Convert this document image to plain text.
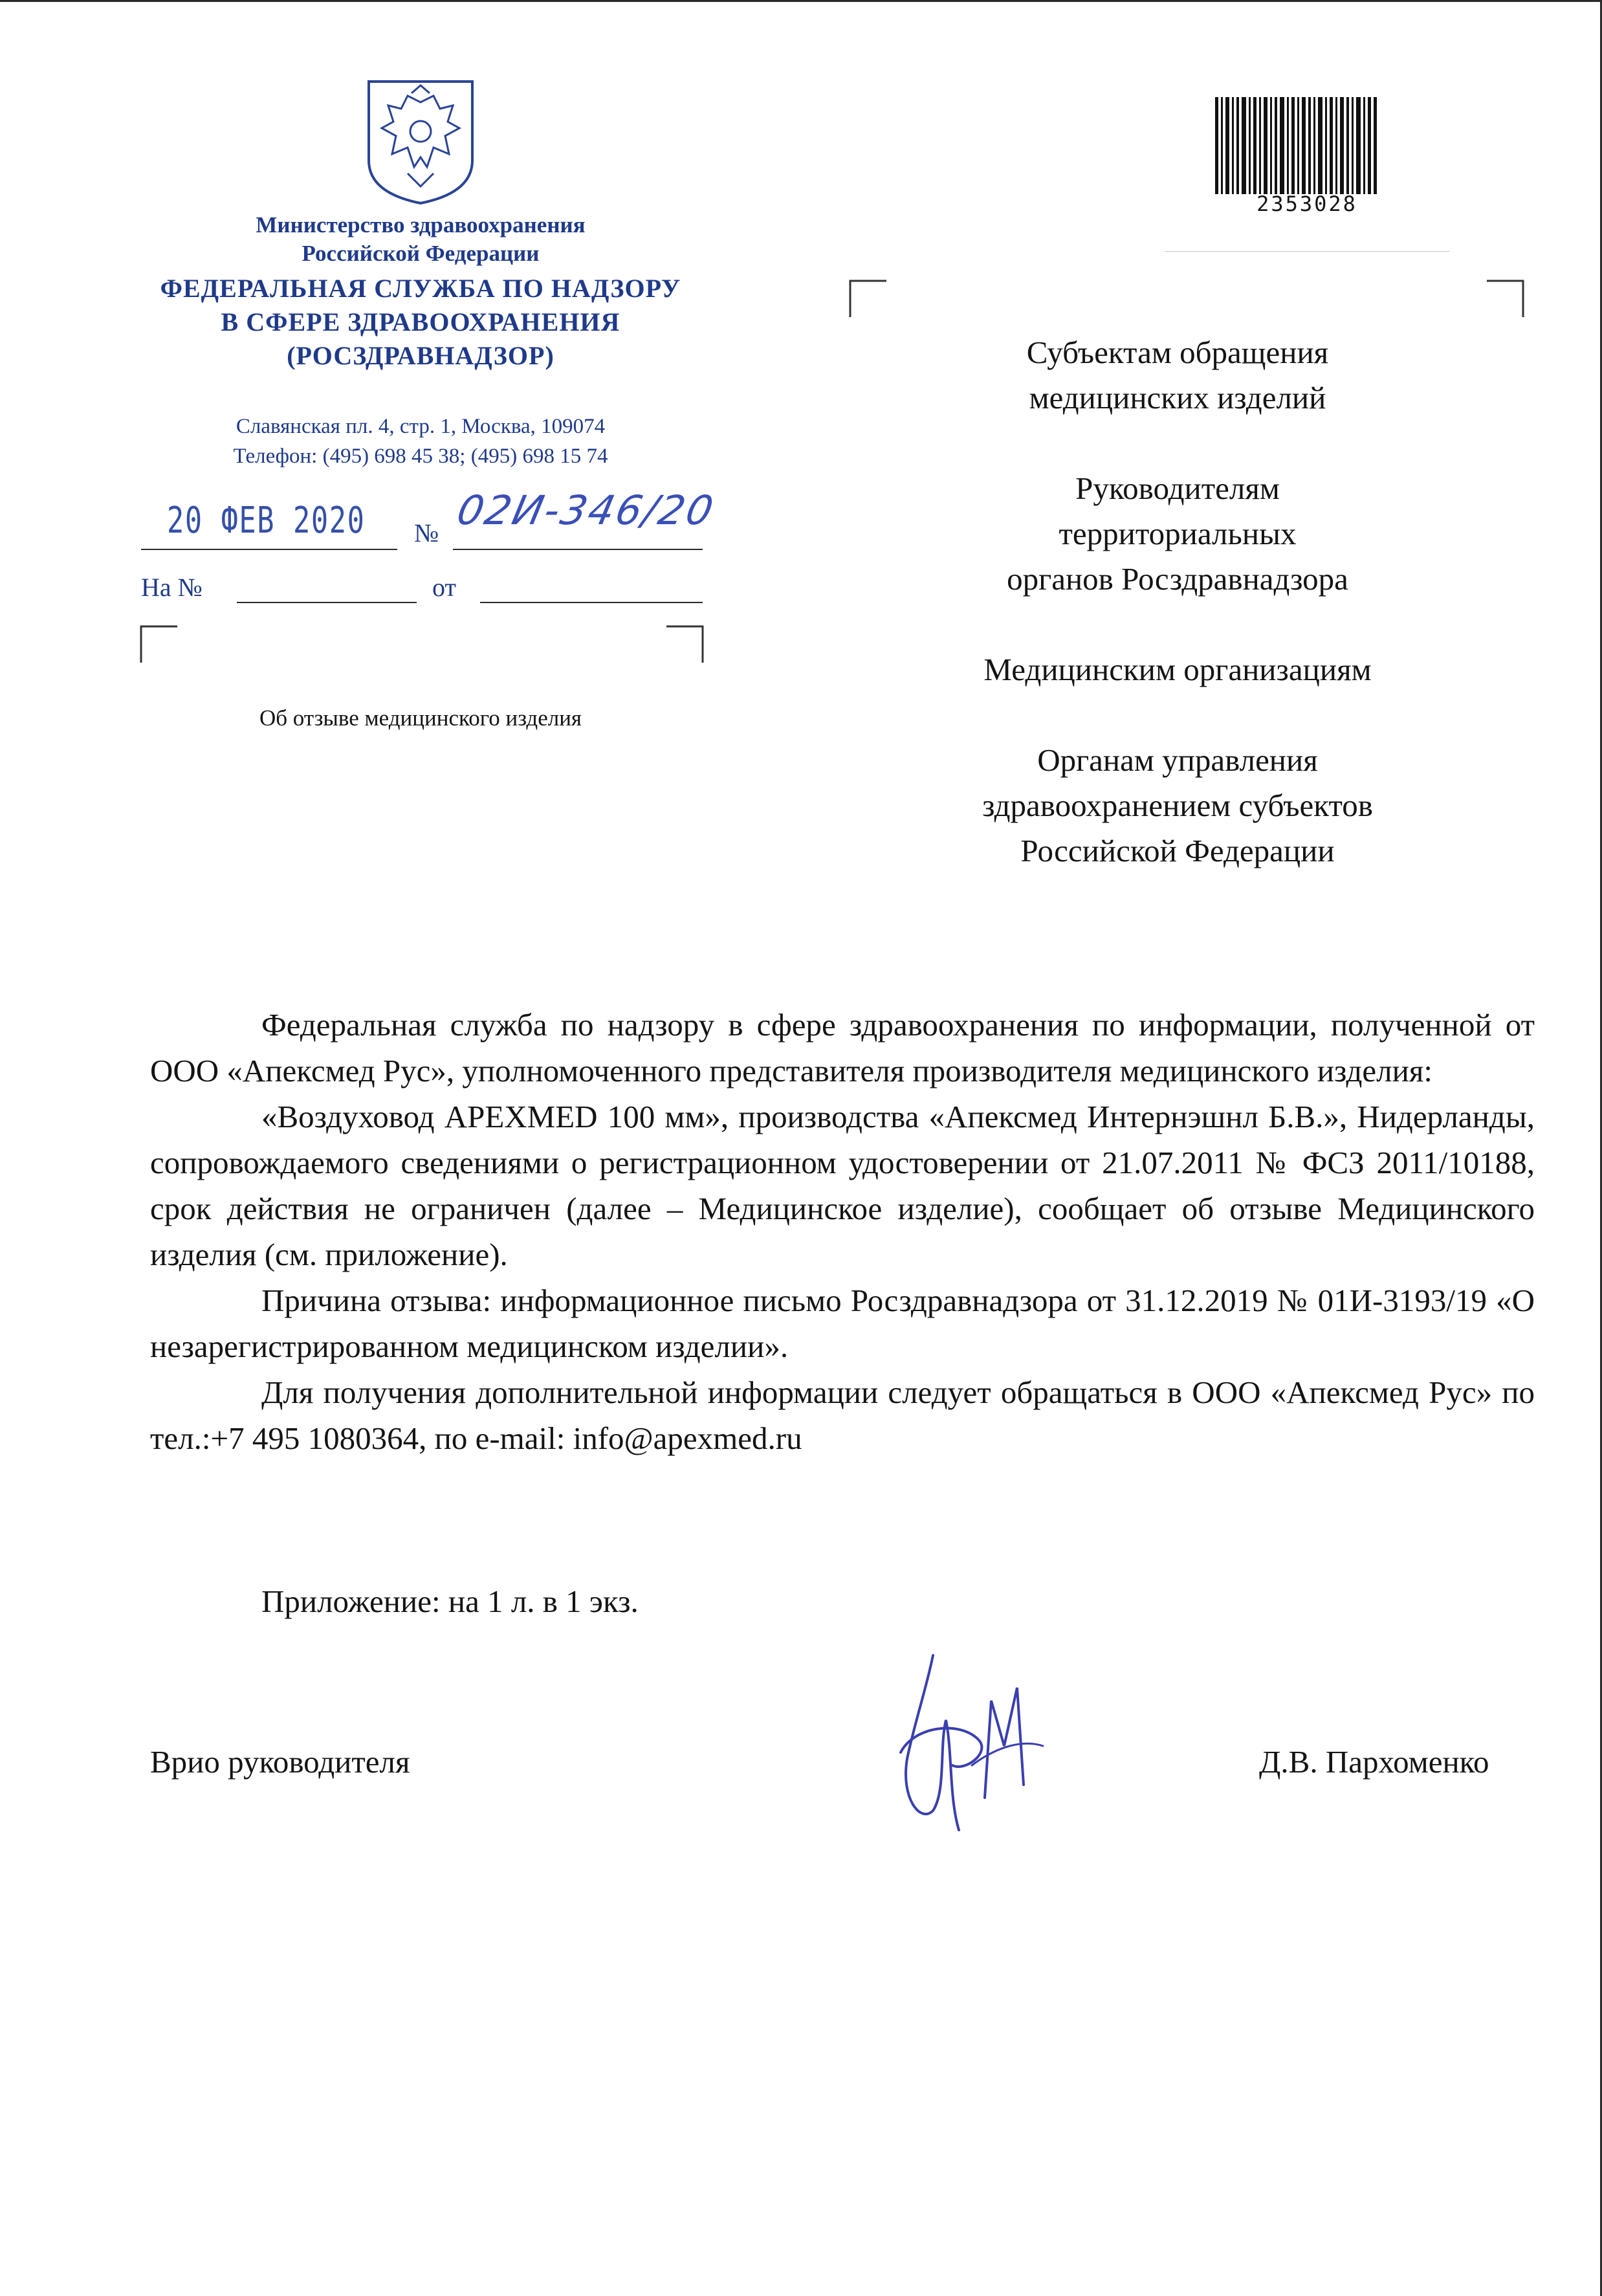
Министерство здравоохранения
Российской Федерации
ФЕДЕРАЛЬНАЯ СЛУЖБА ПО НАДЗОРУ
В СФЕРЕ ЗДРАВООХРАНЕНИЯ
(РОСЗДРАВНАДЗОР)
Славянская пл. 4, стр. 1, Москва, 109074
Телефон: (495) 698 45 38; (495) 698 15 74
20 ФЕВ 2020 № 02И-346/20
На №	от
Об отзыве медицинского изделия
2353028
Субъектам обращения
медицинских изделий
Руководителям
территориальных
органов Росздравнадзора
Медицинским организациям
Органам управления
здравоохранением субъектов
Российской Федерации

Федеральная служба по надзору в сфере здравоохранения по информации, полученной от ООО «Апексмед Рус», уполномоченного представителя производителя медицинского изделия:

«Воздуховод APEXMED 100 мм», производства «Апексмед Интернэшнл Б.В.», Нидерланды, сопровождаемого сведениями о регистрационном удостоверении от 21.07.2011 № ФСЗ 2011/10188, срок действия не ограничен (далее – Медицинское изделие), сообщает об отзыве Медицинского изделия (см. приложение).

Причина отзыва: информационное письмо Росздравнадзора от 31.12.2019 № 01И-3193/19 «О незарегистрированном медицинском изделии».

Для получения дополнительной информации следует обращаться в ООО «Апексмед Рус» по тел.:+7 495 1080364, по e-mail: info@apexmed.ru

Приложение: на 1 л. в 1 экз.
Врио руководителя	Д.В. Пархоменко
